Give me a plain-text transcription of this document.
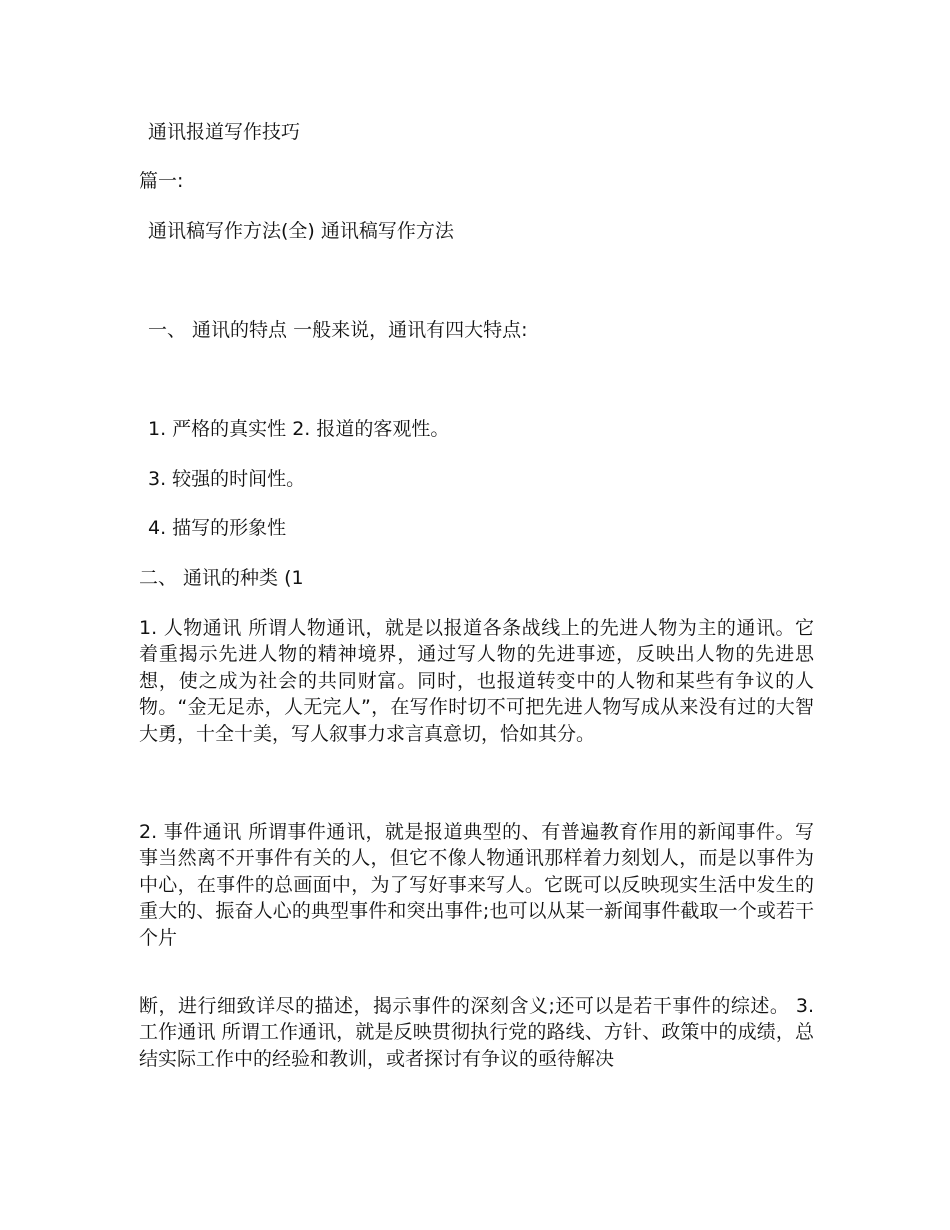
通讯报道写作技巧
篇一:
通讯稿写作方法(全) 通讯稿写作方法
一、 通讯的特点 一般来说，通讯有四大特点:
1. 严格的真实性 2. 报道的客观性。
3. 较强的时间性。
4. 描写的形象性
二、 通讯的种类 (1
1. 人物通讯 所谓人物通讯，就是以报道各条战线上的先进人物为主的通讯。它着重揭示先进人物的精神境界，通过写人物的先进事迹，反映出人物的先进思想，使之成为社会的共同财富。同时，也报道转变中的人物和某些有争议的人物。“金无足赤，人无完人”，在写作时切不可把先进人物写成从来没有过的大智大勇，十全十美，写人叙事力求言真意切，恰如其分。
2. 事件通讯 所谓事件通讯，就是报道典型的、有普遍教育作用的新闻事件。写事当然离不开事件有关的人，但它不像人物通讯那样着力刻划人，而是以事件为中心，在事件的总画面中，为了写好事来写人。它既可以反映现实生活中发生的重大的、振奋人心的典型事件和突出事件;也可以从某一新闻事件截取一个或若干个片
断，进行细致详尽的描述，揭示事件的深刻含义;还可以是若干事件的综述。 3. 工作通讯 所谓工作通讯，就是反映贯彻执行党的路线、方针、政策中的成绩，总结实际工作中的经验和教训，或者探讨有争议的亟待解决
